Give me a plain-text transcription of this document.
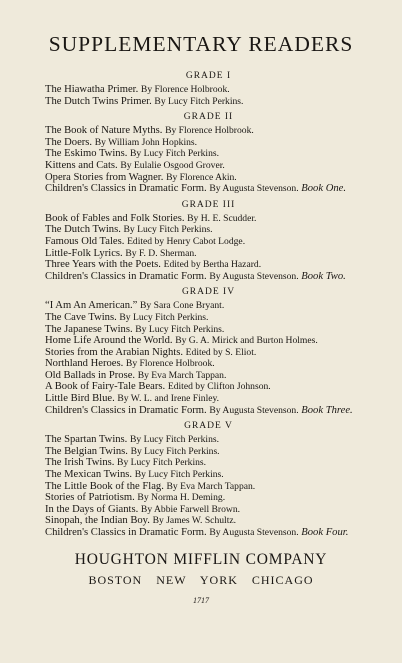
SUPPLEMENTARY READERS
GRADE I
The Hiawatha Primer. By Florence Holbrook.
The Dutch Twins Primer. By Lucy Fitch Perkins.
GRADE II
The Book of Nature Myths. By Florence Holbrook.
The Doers. By William John Hopkins.
The Eskimo Twins. By Lucy Fitch Perkins.
Kittens and Cats. By Eulalie Osgood Grover.
Opera Stories from Wagner. By Florence Akin.
Children's Classics in Dramatic Form. By Augusta Stevenson. Book One.
GRADE III
Book of Fables and Folk Stories. By H. E. Scudder.
The Dutch Twins. By Lucy Fitch Perkins.
Famous Old Tales. Edited by Henry Cabot Lodge.
Little-Folk Lyrics. By F. D. Sherman.
Three Years with the Poets. Edited by Bertha Hazard.
Children's Classics in Dramatic Form. By Augusta Stevenson. Book Two.
GRADE IV
“I Am An American.” By Sara Cone Bryant.
The Cave Twins. By Lucy Fitch Perkins.
The Japanese Twins. By Lucy Fitch Perkins.
Home Life Around the World. By G. A. Mirick and Burton Holmes.
Stories from the Arabian Nights. Edited by S. Eliot.
Northland Heroes. By Florence Holbrook.
Old Ballads in Prose. By Eva March Tappan.
A Book of Fairy-Tale Bears. Edited by Clifton Johnson.
Little Bird Blue. By W. L. and Irene Finley.
Children's Classics in Dramatic Form. By Augusta Stevenson. Book Three.
GRADE V
The Spartan Twins. By Lucy Fitch Perkins.
The Belgian Twins. By Lucy Fitch Perkins.
The Irish Twins. By Lucy Fitch Perkins.
The Mexican Twins. By Lucy Fitch Perkins.
The Little Book of the Flag. By Eva March Tappan.
Stories of Patriotism. By Norma H. Deming.
In the Days of Giants. By Abbie Farwell Brown.
Sinopah, the Indian Boy. By James W. Schultz.
Children's Classics in Dramatic Form. By Augusta Stevenson. Book Four.
HOUGHTON MIFFLIN COMPANY
BOSTON NEW YORK CHICAGO
1717
